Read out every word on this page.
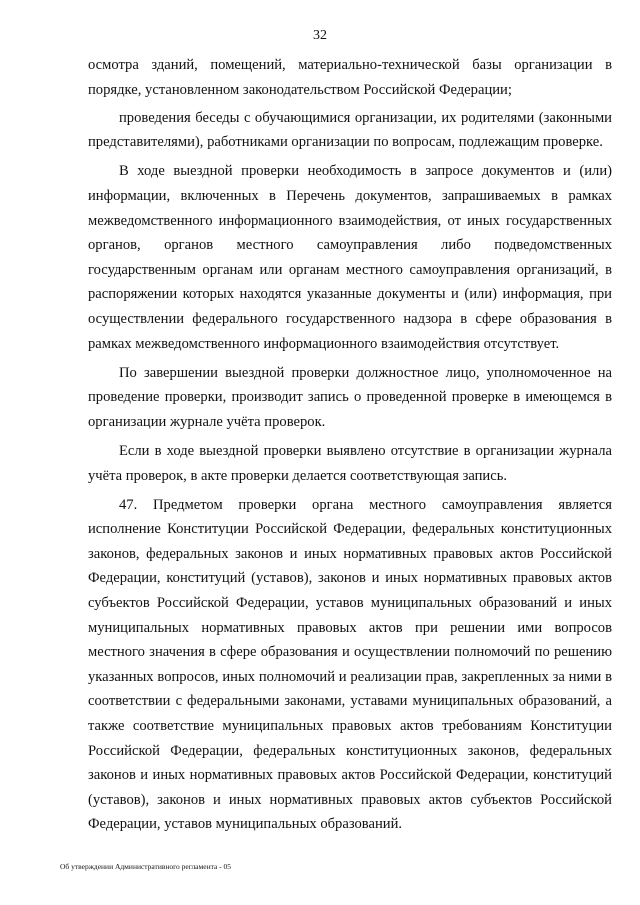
32

осмотра зданий, помещений, материально-технической базы организации в порядке, установленном законодательством Российской Федерации;

проведения беседы с обучающимися организации, их родителями (законными представителями), работниками организации по вопросам, подлежащим проверке.

В ходе выездной проверки необходимость в запросе документов и (или) информации, включенных в Перечень документов, запрашиваемых в рамках межведомственного информационного взаимодействия, от иных государственных органов, органов местного самоуправления либо подведомственных государственным органам или органам местного самоуправления организаций, в распоряжении которых находятся указанные документы и (или) информация, при осуществлении федерального государственного надзора в сфере образования в рамках межведомственного информационного взаимодействия отсутствует.

По завершении выездной проверки должностное лицо, уполномоченное на проведение проверки, производит запись о проведенной проверке в имеющемся в организации журнале учёта проверок.

Если в ходе выездной проверки выявлено отсутствие в организации журнала учёта проверок, в акте проверки делается соответствующая запись.

47. Предметом проверки органа местного самоуправления является исполнение Конституции Российской Федерации, федеральных конституционных законов, федеральных законов и иных нормативных правовых актов Российской Федерации, конституций (уставов), законов и иных нормативных правовых актов субъектов Российской Федерации, уставов муниципальных образований и иных муниципальных нормативных правовых актов при решении ими вопросов местного значения в сфере образования и осуществлении полномочий по решению указанных вопросов, иных полномочий и реализации прав, закрепленных за ними в соответствии с федеральными законами, уставами муниципальных образований, а также соответствие муниципальных правовых актов требованиям Конституции Российской Федерации, федеральных конституционных законов, федеральных законов и иных нормативных правовых актов Российской Федерации, конституций (уставов), законов и иных нормативных правовых актов субъектов Российской Федерации, уставов муниципальных образований.

Об утверждении Административного регламента - 05
